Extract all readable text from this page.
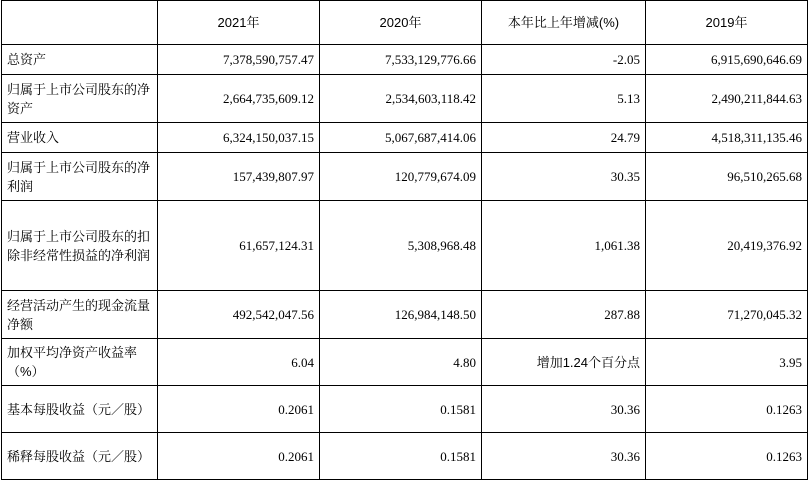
	2021年	2020年	本年比上年增减(%)	2019年
总资产	7,378,590,757.47	7,533,129,776.66	-2.05	6,915,690,646.69
归属于上市公司股东的净资产	2,664,735,609.12	2,534,603,118.42	5.13	2,490,211,844.63
营业收入	6,324,150,037.15	5,067,687,414.06	24.79	4,518,311,135.46
归属于上市公司股东的净利润	157,439,807.97	120,779,674.09	30.35	96,510,265.68
归属于上市公司股东的扣除非经常性损益的净利润	61,657,124.31	5,308,968.48	1,061.38	20,419,376.92
经营活动产生的现金流量净额	492,542,047.56	126,984,148.50	287.88	71,270,045.32
加权平均净资产收益率（%）	6.04	4.80	增加1.24个百分点	3.95
基本每股收益（元／股）	0.2061	0.1581	30.36	0.1263
稀释每股收益（元／股）	0.2061	0.1581	30.36	0.1263
